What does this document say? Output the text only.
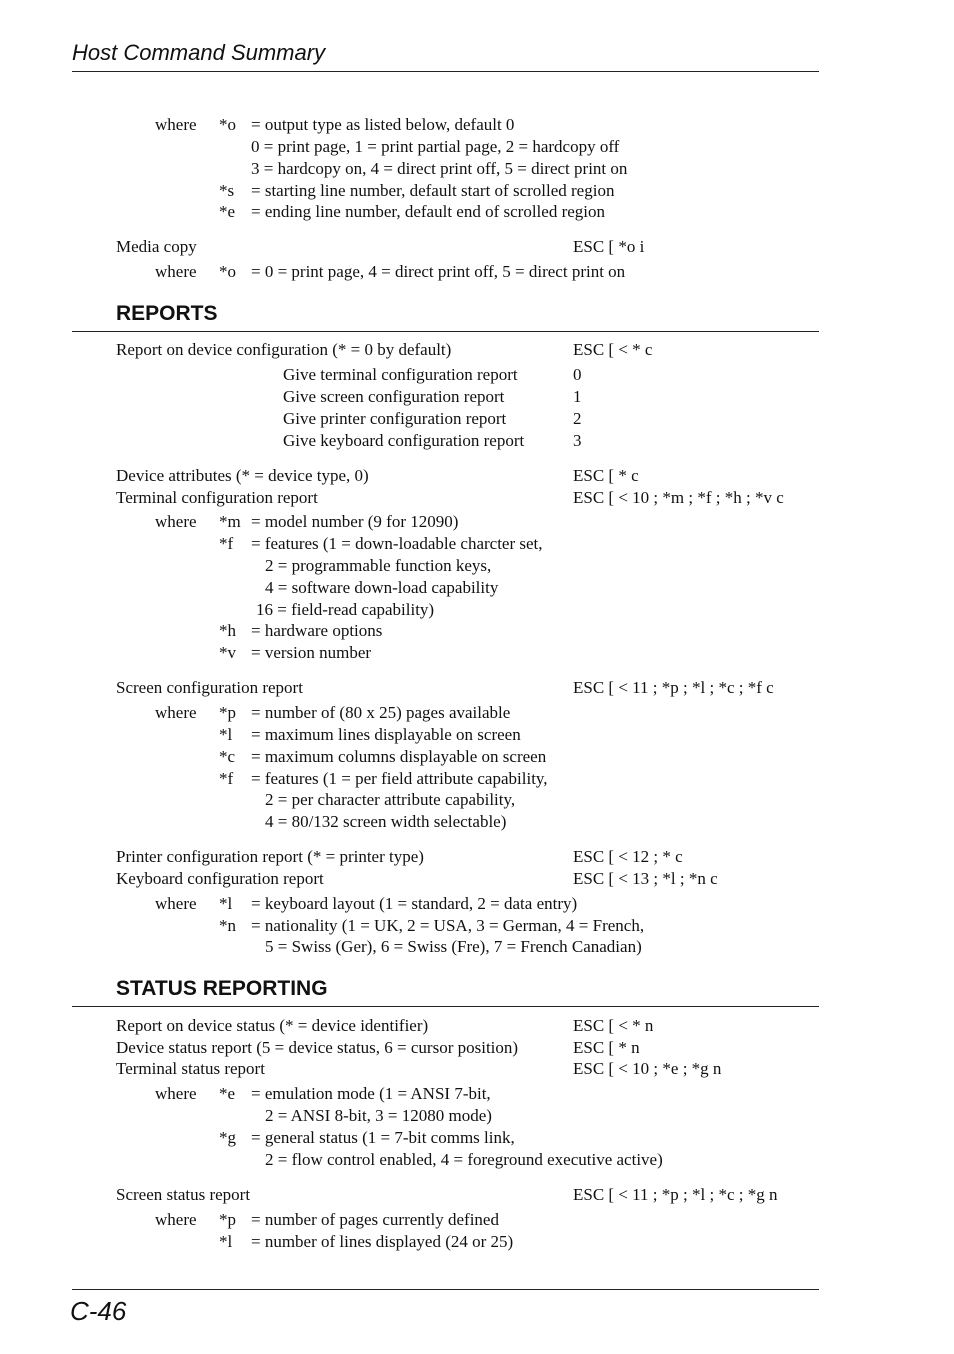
Host Command Summary
where *o = output type as listed below, default 0
0 = print page, 1 = print partial page, 2 = hardcopy off
3 = hardcopy on, 4 = direct print off, 5 = direct print on
*s = starting line number, default start of scrolled region
*e = ending line number, default end of scrolled region
Media copy	ESC [ *o i
where *o = 0 = print page, 4 = direct print off, 5 = direct print on
REPORTS
Report on device configuration (* = 0 by default)	ESC [ < * c
Give terminal configuration report	0
Give screen configuration report	1
Give printer configuration report	2
Give keyboard configuration report	3
Device attributes (* = device type, 0)	ESC [ * c
Terminal configuration report	ESC [ < 10 ; *m ; *f ; *h ; *v c
where *m = model number (9 for 12090)
*f = features (1 = down-loadable charcter set,
2 = programmable function keys,
4 = software down-load capability
16 = field-read capability)
*h = hardware options
*v = version number
Screen configuration report	ESC [ < 11 ; *p ; *l ; *c ; *f c
where *p = number of (80 x 25) pages available
*l = maximum lines displayable on screen
*c = maximum columns displayable on screen
*f = features (1 = per field attribute capability,
2 = per character attribute capability,
4 = 80/132 screen width selectable)
Printer configuration report (* = printer type)	ESC [ < 12 ; * c
Keyboard configuration report	ESC [ < 13 ; *l ; *n c
where *l = keyboard layout (1 = standard, 2 = data entry)
*n = nationality (1 = UK, 2 = USA, 3 = German, 4 = French,
5 = Swiss (Ger), 6 = Swiss (Fre), 7 = French Canadian)
STATUS REPORTING
Report on device status (* = device identifier)	ESC [ < * n
Device status report (5 = device status, 6 = cursor position)	ESC [ * n
Terminal status report	ESC [ < 10 ; *e ; *g n
where *e = emulation mode (1 = ANSI 7-bit,
2 = ANSI 8-bit, 3 = 12080 mode)
*g = general status (1 = 7-bit comms link,
2 = flow control enabled, 4 = foreground executive active)
Screen status report	ESC [ < 11 ; *p ; *l ; *c ; *g n
where *p = number of pages currently defined
*l = number of lines displayed (24 or 25)
C-46
